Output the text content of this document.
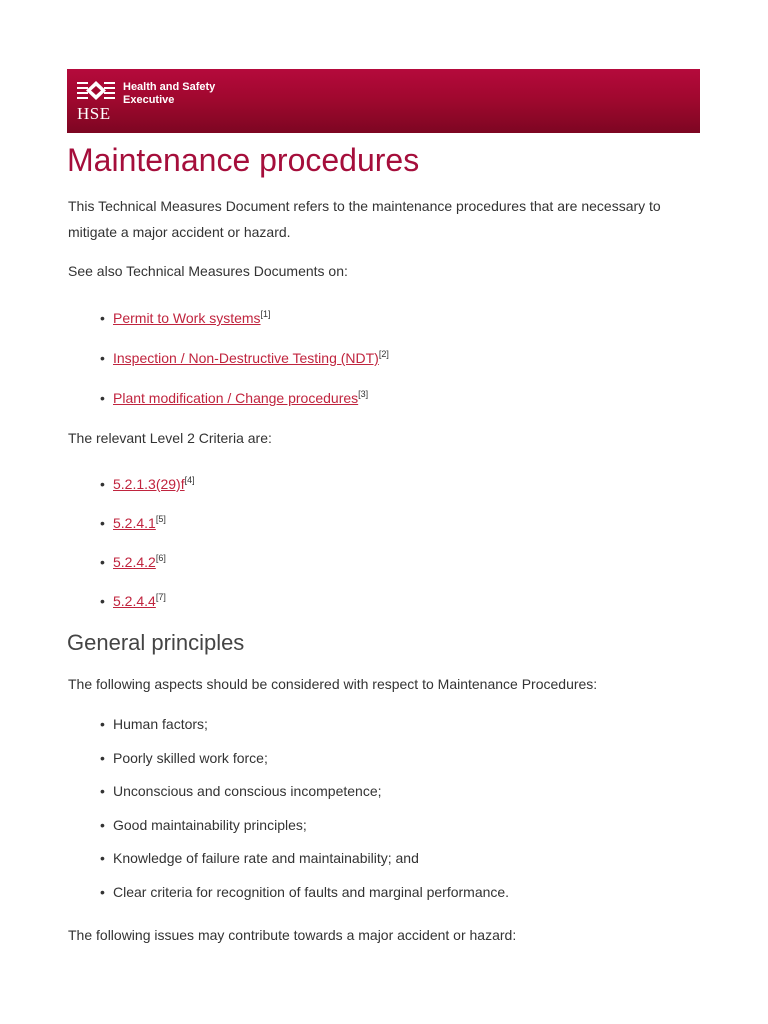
Health and Safety
Executive
HSE
Maintenance procedures

This Technical Measures Document refers to the maintenance procedures that are necessary to mitigate a major accident or hazard.

See also Technical Measures Documents on:

• Permit to Work systems[1]
• Inspection / Non-Destructive Testing (NDT)[2]
• Plant modification / Change procedures[3]

The relevant Level 2 Criteria are:

• 5.2.1.3(29)f[4]
• 5.2.4.1[5]
• 5.2.4.2[6]
• 5.2.4.4[7]
General principles

The following aspects should be considered with respect to Maintenance Procedures:

• Human factors;
• Poorly skilled work force;
• Unconscious and conscious incompetence;
• Good maintainability principles;
• Knowledge of failure rate and maintainability; and
• Clear criteria for recognition of faults and marginal performance.

The following issues may contribute towards a major accident or hazard:
